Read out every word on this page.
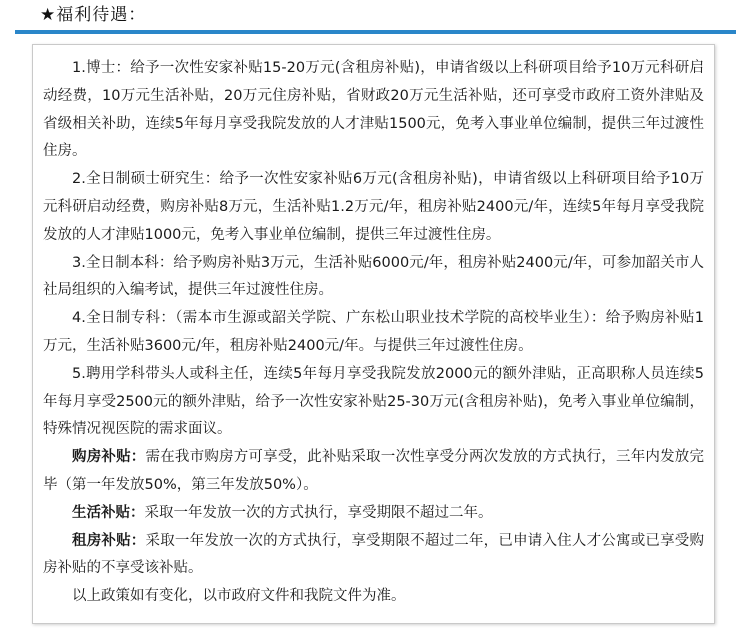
★福利待遇：

1.博士：给予一次性安家补贴15-20万元(含租房补贴)，申请省级以上科研项目给予10万元科研启动经费，10万元生活补贴，20万元住房补贴，省财政20万元生活补贴，还可享受市政府工资外津贴及省级相关补助，连续5年每月享受我院发放的人才津贴1500元，免考入事业单位编制，提供三年过渡性住房。

2.全日制硕士研究生：给予一次性安家补贴6万元(含租房补贴)，申请省级以上科研项目给予10万元科研启动经费，购房补贴8万元，生活补贴1.2万元/年，租房补贴2400元/年，连续5年每月享受我院发放的人才津贴1000元，免考入事业单位编制，提供三年过渡性住房。

3.全日制本科：给予购房补贴3万元，生活补贴6000元/年，租房补贴2400元/年，可参加韶关市人社局组织的入编考试，提供三年过渡性住房。

4.全日制专科：（需本市生源或韶关学院、广东松山职业技术学院的高校毕业生）：给予购房补贴1万元，生活补贴3600元/年，租房补贴2400元/年。与提供三年过渡性住房。

5.聘用学科带头人或科主任，连续5年每月享受我院发放2000元的额外津贴，正高职称人员连续5年每月享受2500元的额外津贴，给予一次性安家补贴25-30万元(含租房补贴)，免考入事业单位编制，特殊情况视医院的需求面议。

购房补贴：需在我市购房方可享受，此补贴采取一次性享受分两次发放的方式执行，三年内发放完毕（第一年发放50%，第三年发放50%）。

生活补贴：采取一年发放一次的方式执行，享受期限不超过二年。

租房补贴：采取一年发放一次的方式执行，享受期限不超过二年，已申请入住人才公寓或已享受购房补贴的不享受该补贴。

以上政策如有变化，以市政府文件和我院文件为准。
